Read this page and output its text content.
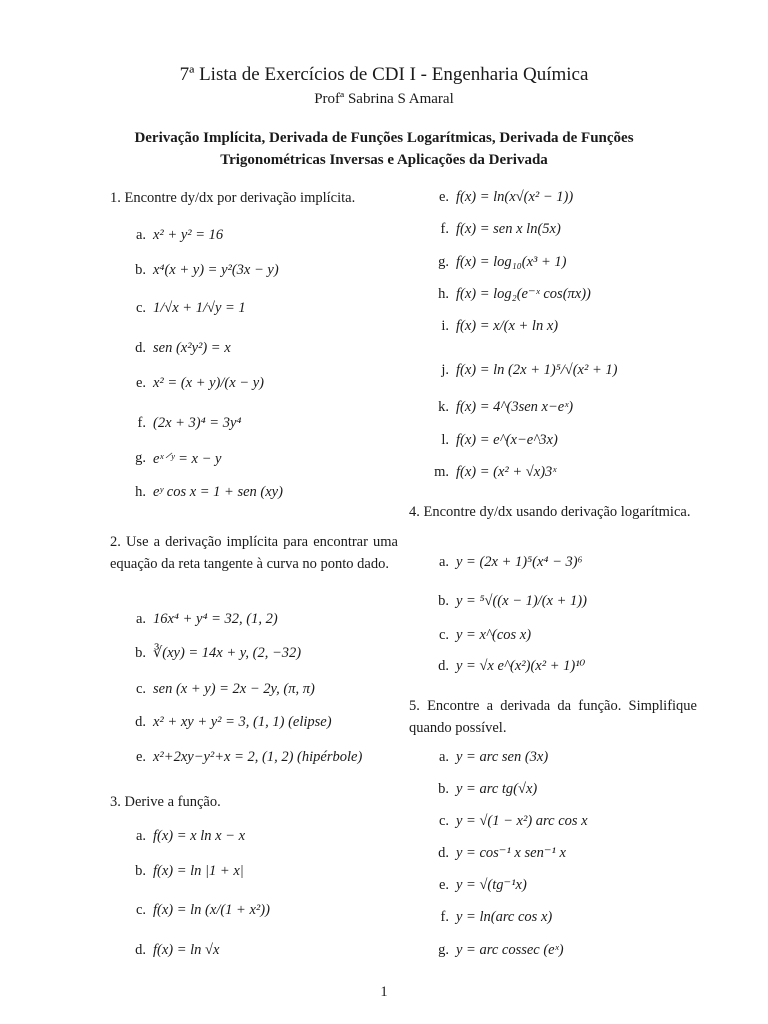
7ª Lista de Exercícios de CDI I - Engenharia Química
Profª Sabrina S Amaral
Derivação Implícita, Derivada de Funções Logarítmicas, Derivada de Funções
Trigonométricas Inversas e Aplicações da Derivada
1. Encontre dy/dx por derivação implícita.
a. x² + y² = 16
b. x⁴(x + y) = y²(3x − y)
c. 1/√x + 1/√y = 1
d. sen (x²y²) = x
e. x² = (x + y)/(x − y)
f. (2x + 3)⁴ = 3y⁴
g. eˣ⸍ʸ = x − y
h. eʸ cos x = 1 + sen (xy)
2. Use a derivação implícita para encontrar uma equação da reta tangente à curva no ponto dado.
a. 16x⁴ + y⁴ = 32, (1, 2)
b. ∛(xy) = 14x + y, (2, −32)
c. sen (x + y) = 2x − 2y, (π, π)
d. x² + xy + y² = 3, (1, 1) (elipse)
e. x²+2xy−y²+x = 2, (1, 2) (hipérbole)
3. Derive a função.
a. f(x) = x ln x − x
b. f(x) = ln |1 + x|
c. f(x) = ln (x/(1 + x²))
d. f(x) = ln √x
e. f(x) = ln(x√(x² − 1))
f. f(x) = sen x ln(5x)
g. f(x) = log₁₀(x³ + 1)
h. f(x) = log₂(e⁻ˣ cos(πx))
i. f(x) = x/(x + ln x)
j. f(x) = ln (2x + 1)⁵/√(x² + 1)
k. f(x) = 4^(3sen x−eˣ)
l. f(x) = e^(x−e^3x)
m. f(x) = (x² + √x)3ˣ
4. Encontre dy/dx usando derivação logarítmica.
a. y = (2x + 1)⁵(x⁴ − 3)⁶
b. y = ⁵√((x − 1)/(x + 1))
c. y = x^(cos x)
d. y = √x e^(x²)(x² + 1)¹⁰
5. Encontre a derivada da função. Simplifique quando possível.
a. y = arc sen (3x)
b. y = arc tg(√x)
c. y = √(1 − x²) arc cos x
d. y = cos⁻¹ x sen⁻¹ x
e. y = √(tg⁻¹x)
f. y = ln(arc cos x)
g. y = arc cossec (eˣ)
1
